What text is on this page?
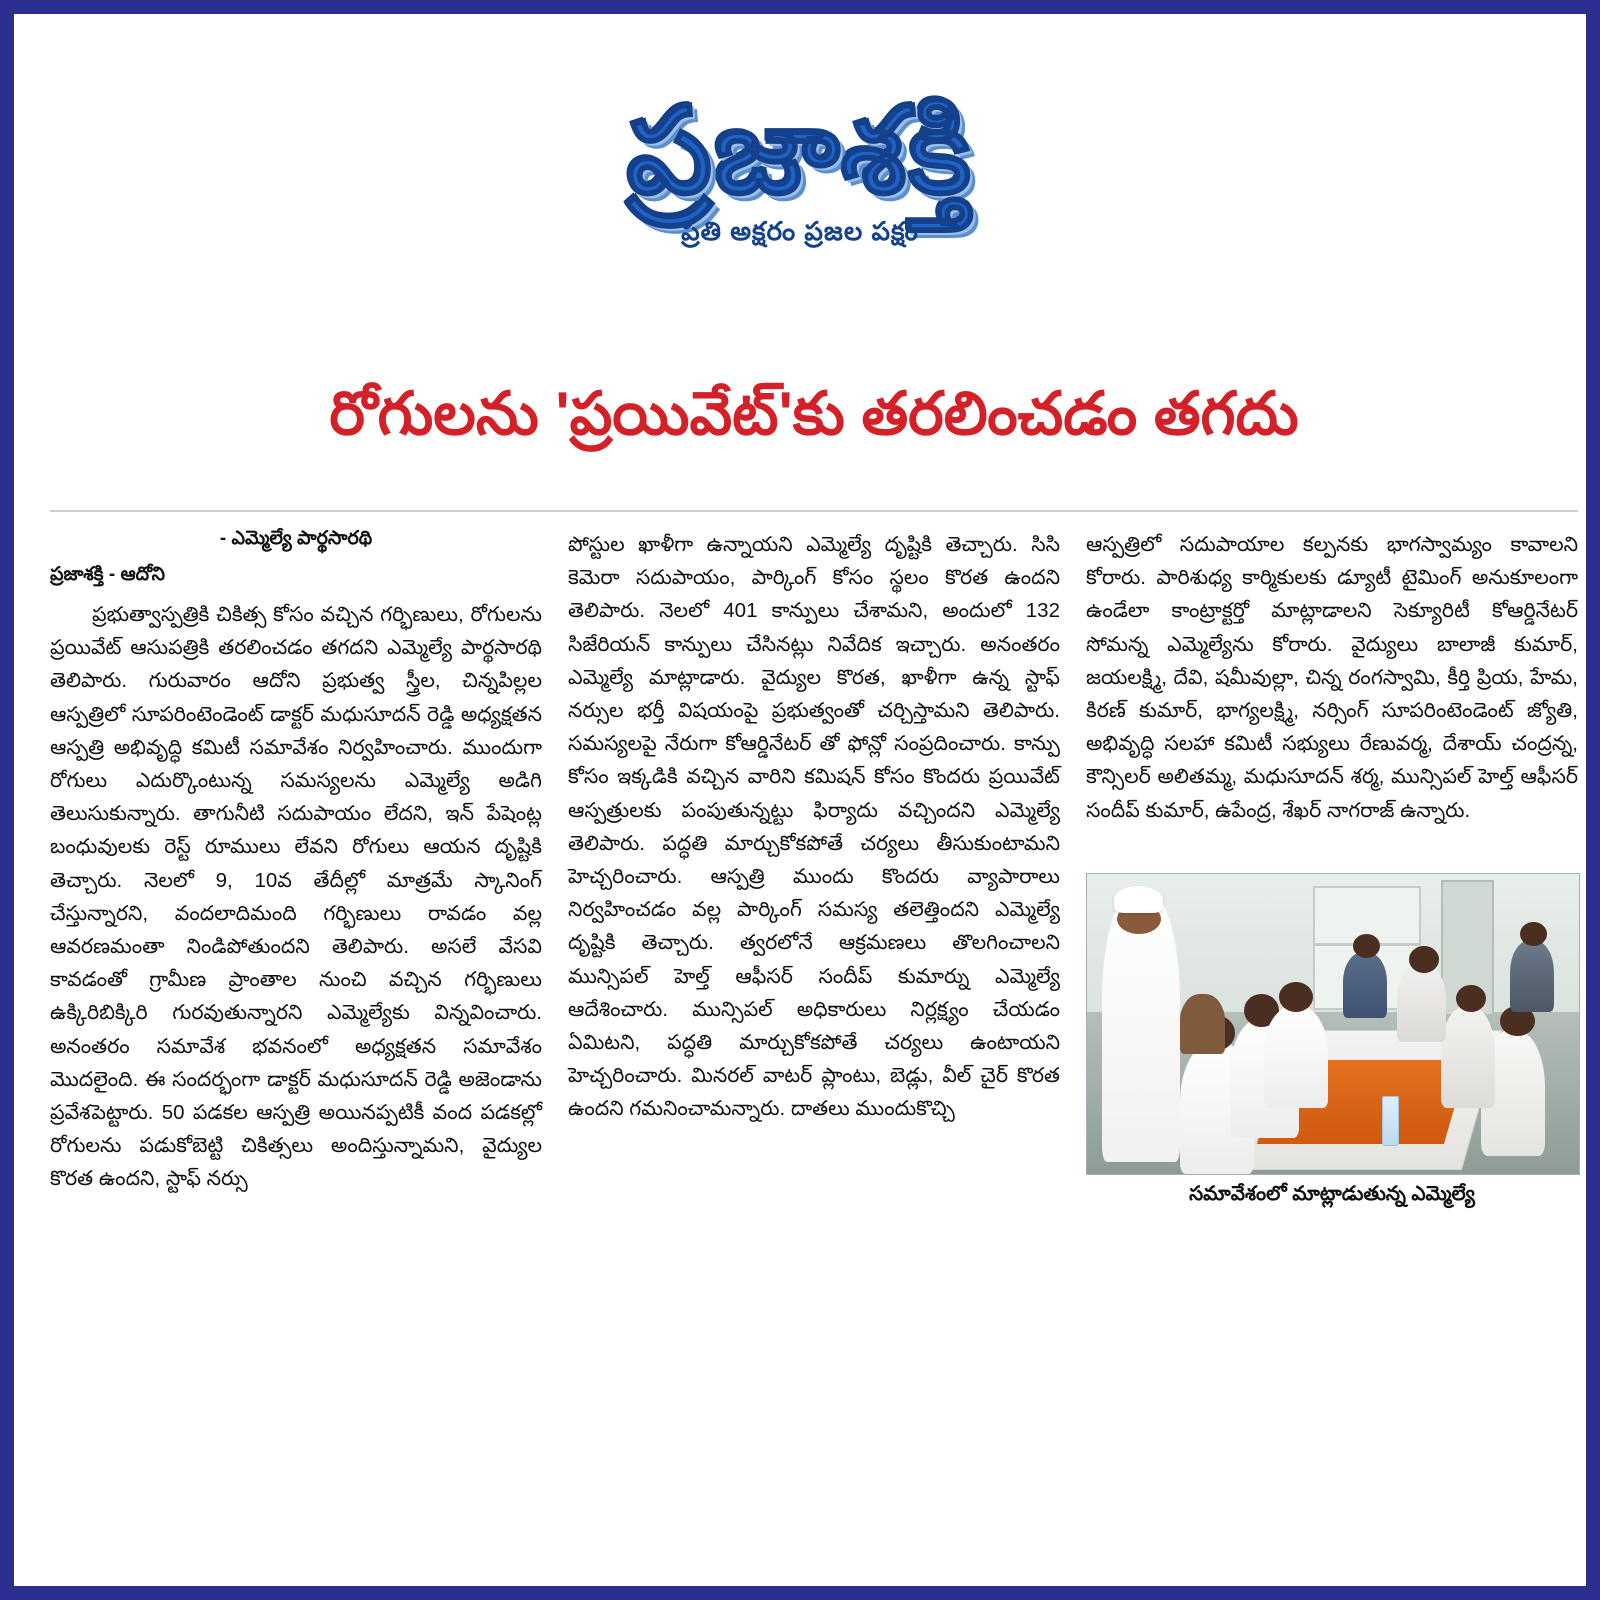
ప్రజాశక్తి
ప్రతి అక్షరం ప్రజల పక్షం
రోగులను 'ప్రయివేట్'కు తరలించడం తగదు
- ఎమ్మెల్యే పార్థసారథి
ప్రజాశక్తి - ఆదోని

ప్రభుత్వాస్పత్రికి చికిత్స కోసం వచ్చిన గర్భిణులు, రోగులను ప్రయివేట్ ఆసుపత్రికి తరలించడం తగదని ఎమ్మెల్యే పార్థసారథి తెలిపారు. గురువారం ఆదోని ప్రభుత్వ స్త్రీల, చిన్నపిల్లల ఆస్పత్రిలో సూపరింటెండెంట్ డాక్టర్ మధుసూదన్ రెడ్డి అధ్యక్షతన ఆస్పత్రి అభివృద్ధి కమిటీ సమావేశం నిర్వహించారు. ముందుగా రోగులు ఎదుర్కొంటున్న సమస్యలను ఎమ్మెల్యే అడిగి తెలుసుకున్నారు. తాగునీటి సదుపాయం లేదని, ఇన్ పేషెంట్ల బంధువులకు రెస్ట్ రూములు లేవని రోగులు ఆయన దృష్టికి తెచ్చారు. నెలలో 9, 10వ తేదీల్లో మాత్రమే స్కానింగ్ చేస్తున్నారని, వందలాదిమంది గర్భిణులు రావడం వల్ల ఆవరణమంతా నిండిపోతుందని తెలిపారు. అసలే వేసవి కావడంతో గ్రామీణ ప్రాంతాల నుంచి వచ్చిన గర్భిణులు ఉక్కిరిబిక్కిరి గురవుతున్నారని ఎమ్మెల్యేకు విన్నవించారు. అనంతరం సమావేశ భవనంలో అధ్యక్షతన సమావేశం మొదలైంది. ఈ సందర్భంగా డాక్టర్ మధుసూదన్ రెడ్డి అజెండాను ప్రవేశపెట్టారు. 50 పడకల ఆస్పత్రి అయినప్పటికీ వంద పడకల్లో రోగులను పడుకోబెట్టి చికిత్సలు అందిస్తున్నామని, వైద్యుల కొరత ఉందని, స్టాఫ్ నర్సు

పోస్టుల ఖాళీగా ఉన్నాయని ఎమ్మెల్యే దృష్టికి తెచ్చారు. సిసి కెమెరా సదుపాయం, పార్కింగ్ కోసం స్థలం కొరత ఉందని తెలిపారు. నెలలో 401 కాన్పులు చేశామని, అందులో 132 సిజేరియన్ కాన్పులు చేసినట్లు నివేదిక ఇచ్చారు. అనంతరం ఎమ్మెల్యే మాట్లాడారు. వైద్యుల కొరత, ఖాళీగా ఉన్న స్టాఫ్ నర్సుల భర్తీ విషయంపై ప్రభుత్వంతో చర్చిస్తామని తెలిపారు. సమస్యలపై నేరుగా కోఆర్డినేటర్ తో ఫోన్లో సంప్రదించారు. కాన్పు కోసం ఇక్కడికి వచ్చిన వారిని కమిషన్ కోసం కొందరు ప్రయివేట్ ఆస్పత్రులకు పంపుతున్నట్టు ఫిర్యాదు వచ్చిందని ఎమ్మెల్యే తెలిపారు. పద్ధతి మార్చుకోకపోతే చర్యలు తీసుకుంటామని హెచ్చరించారు. ఆస్పత్రి ముందు కొందరు వ్యాపారాలు నిర్వహించడం వల్ల పార్కింగ్ సమస్య తలెత్తిందని ఎమ్మెల్యే దృష్టికి తెచ్చారు. త్వరలోనే ఆక్రమణలు తొలగించాలని మున్సిపల్ హెల్త్ ఆఫీసర్ సందీప్ కుమార్ను ఎమ్మెల్యే ఆదేశించారు. మున్సిపల్ అధికారులు నిర్లక్ష్యం చేయడం ఏమిటని, పద్ధతి మార్చుకోకపోతే చర్యలు ఉంటాయని హెచ్చరించారు. మినరల్ వాటర్ ప్లాంటు, బెడ్లు, వీల్ చైర్ కొరత ఉందని గమనించామన్నారు. దాతలు ముందుకొచ్చి

ఆస్పత్రిలో సదుపాయాల కల్పనకు భాగస్వామ్యం కావాలని కోరారు. పారిశుధ్య కార్మికులకు డ్యూటీ టైమింగ్ అనుకూలంగా ఉండేలా కాంట్రాక్టర్తో మాట్లాడాలని సెక్యూరిటీ కోఆర్డినేటర్ సోమన్న ఎమ్మెల్యేను కోరారు. వైద్యులు బాలాజీ కుమార్, జయలక్ష్మి, దేవి, షమీవుల్లా, చిన్న రంగస్వామి, కీర్తి ప్రియ, హేమ, కిరణ్ కుమార్, భాగ్యలక్ష్మి, నర్సింగ్ సూపరింటెండెంట్ జ్యోతి, అభివృద్ధి సలహా కమిటీ సభ్యులు రేణువర్మ, దేశాయ్ చంద్రన్న, కౌన్సిలర్ అలితమ్మ, మధుసూదన్ శర్మ, మున్సిపల్ హెల్త్ ఆఫీసర్ సందీప్ కుమార్, ఉపేంద్ర, శేఖర్ నాగరాజ్ ఉన్నారు.

సమావేశంలో మాట్లాడుతున్న ఎమ్మెల్యే
